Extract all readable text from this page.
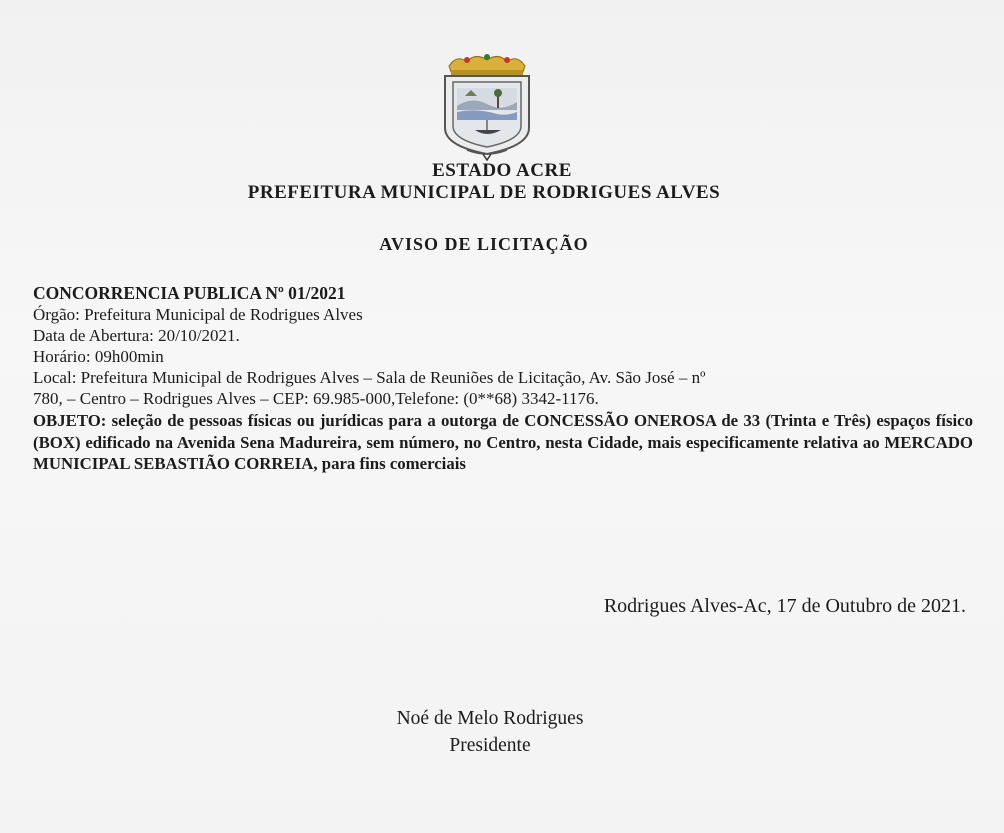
ESTADO ACRE
PREFEITURA MUNICIPAL DE RODRIGUES ALVES
AVISO DE LICITAÇÃO
CONCORRENCIA PUBLICA Nº 01/2021
Órgão: Prefeitura Municipal de Rodrigues Alves
Data de Abertura: 20/10/2021.
Horário: 09h00min
Local: Prefeitura Municipal de Rodrigues Alves – Sala de Reuniões de Licitação, Av. São José – nº
780, – Centro – Rodrigues Alves – CEP: 69.985-000,Telefone: (0**68) 3342-1176.
OBJETO: seleção de pessoas físicas ou jurídicas para a outorga de CONCESSÃO ONEROSA de 33 (Trinta e Três) espaços físico (BOX) edificado na Avenida Sena Madureira, sem número, no Centro, nesta Cidade, mais especificamente relativa ao MERCADO MUNICIPAL SEBASTIÃO CORREIA, para fins comerciais
Rodrigues Alves-Ac, 17 de Outubro de 2021.
Noé de Melo Rodrigues
Presidente
